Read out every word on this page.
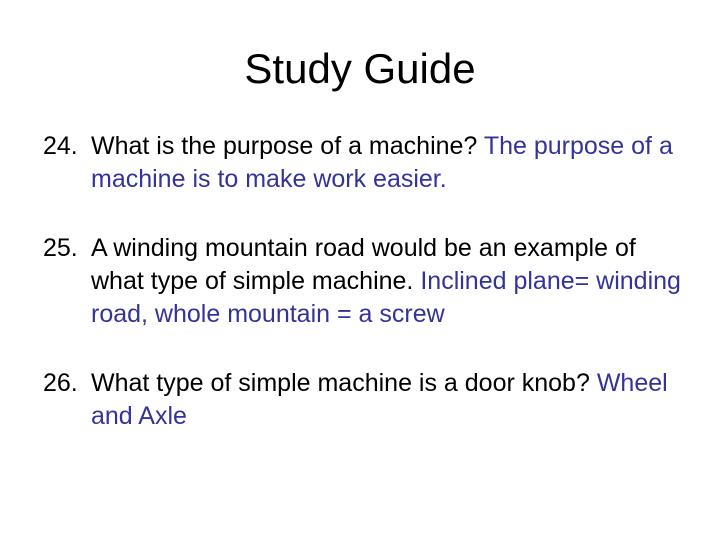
Study Guide
24. What is the purpose of a machine? The purpose of a machine is to make work easier.
25. A winding mountain road would be an example of what type of simple machine. Inclined plane= winding road, whole mountain = a screw
26. What type of simple machine is a door knob? Wheel and Axle
